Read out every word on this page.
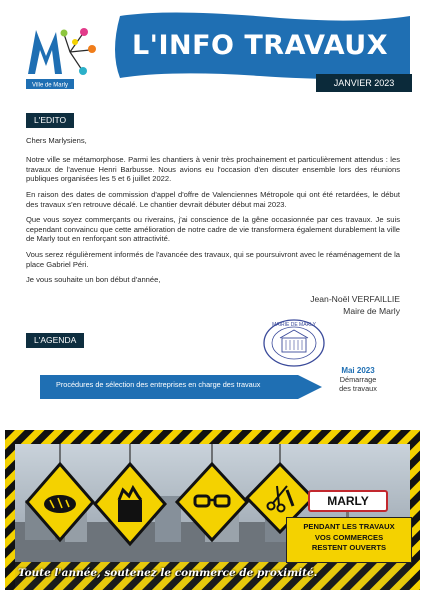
Ville de Marly
L'INFO TRAVAUX
JANVIER 2023
L'EDITO

Chers Marlysiens,

Notre ville se métamorphose. Parmi les chantiers à venir très prochainement et particulièrement attendus : les travaux de l'avenue Henri Barbusse. Nous avions eu l'occasion d'en discuter ensemble lors des réunions publiques organisées les 5 et 6 juillet 2022.

En raison des dates de commission d'appel d'offre de Valenciennes Métropole qui ont été retardées, le début des travaux s'en retrouve décalé. Le chantier devrait débuter début mai 2023.

Que vous soyez commerçants ou riverains, j'ai conscience de la gêne occasionnée par ces travaux. Je suis cependant convaincu que cette amélioration de notre cadre de vie transformera également durablement la ville de Marly tout en renforçant son attractivité.

Vous serez régulièrement informés de l'avancée des travaux, qui se poursuivront avec le réaménagement de la place Gabriel Péri.

Je vous souhaite un bon début d'année,

Jean-Noël VERFAILLIE
Maire de Marly
MAIRIE DE MARLY
L'AGENDA
Procédures de sélection des entreprises en charge des travaux
Mai 2023
Démarrage
des travaux
MARLY
PENDANT LES TRAVAUX
VOS COMMERCES
RESTENT OUVERTS
Toute l'année, soutenez le commerce de proximité.
